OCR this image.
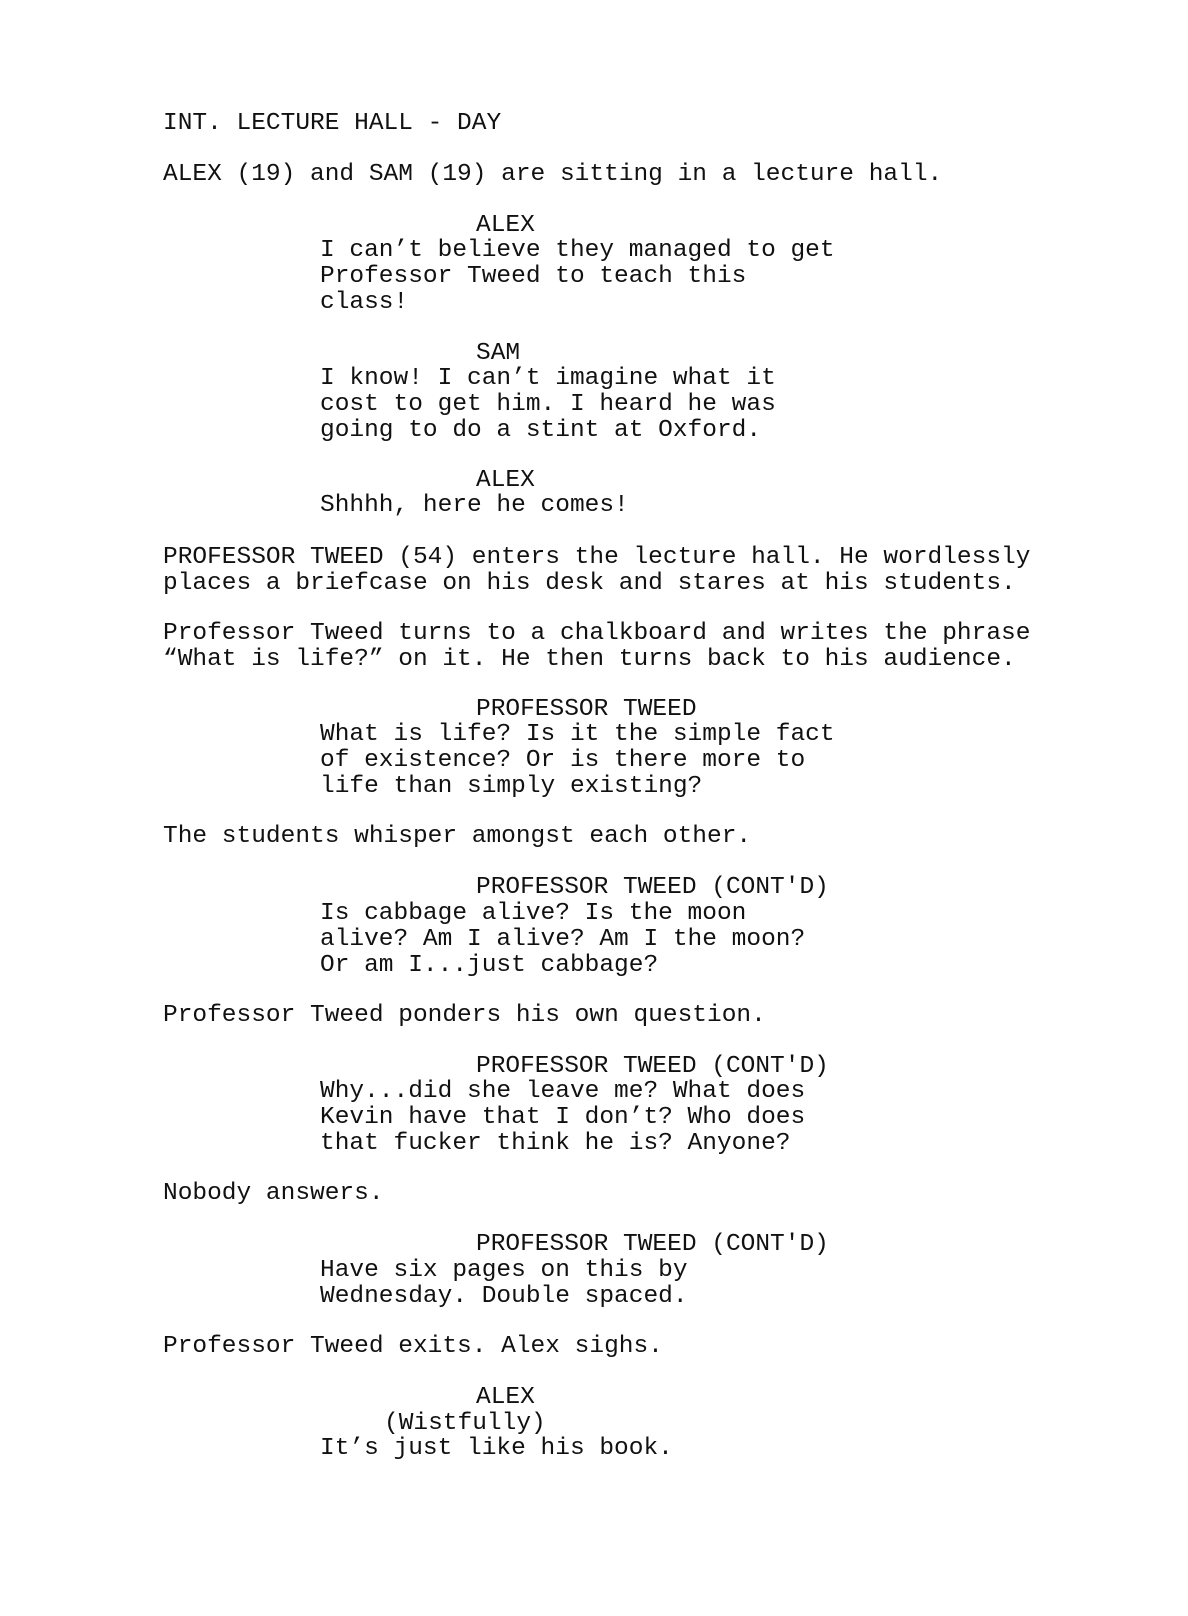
INT. LECTURE HALL - DAY
ALEX (19) and SAM (19) are sitting in a lecture hall.
ALEX
I can’t believe they managed to get
Professor Tweed to teach this
class!
SAM
I know! I can’t imagine what it
cost to get him. I heard he was
going to do a stint at Oxford.
ALEX
Shhhh, here he comes!
PROFESSOR TWEED (54) enters the lecture hall. He wordlessly
places a briefcase on his desk and stares at his students.
Professor Tweed turns to a chalkboard and writes the phrase
“What is life?” on it. He then turns back to his audience.
PROFESSOR TWEED
What is life? Is it the simple fact
of existence? Or is there more to
life than simply existing?
The students whisper amongst each other.
PROFESSOR TWEED (CONT'D)
Is cabbage alive? Is the moon
alive? Am I alive? Am I the moon?
Or am I...just cabbage?
Professor Tweed ponders his own question.
PROFESSOR TWEED (CONT'D)
Why...did she leave me? What does
Kevin have that I don’t? Who does
that fucker think he is? Anyone?
Nobody answers.
PROFESSOR TWEED (CONT'D)
Have six pages on this by
Wednesday. Double spaced.
Professor Tweed exits. Alex sighs.
ALEX
(Wistfully)
It’s just like his book.
